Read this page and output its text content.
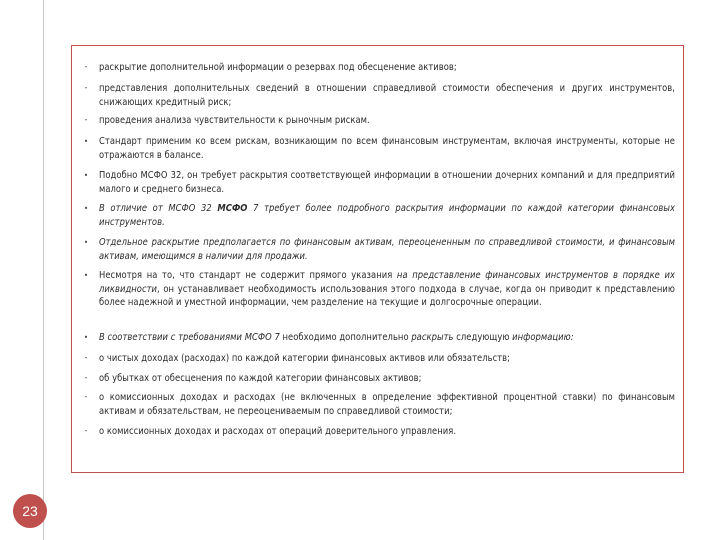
-	раскрытие дополнительной информации о резервах под обесценение активов;
-	представления дополнительных сведений в отношении справедливой стоимости обеспечения и других инструментов, снижающих кредитный риск;
-	проведения анализа чувствительности к рыночным рискам.
•	Стандарт применим ко всем рискам, возникающим по всем финансовым инструментам, включая инструменты, которые не отражаются в балансе.
•	Подобно МСФО 32, он требует раскрытия соответствующей информации в отношении дочерних компаний и для предприятий малого и среднего бизнеса.
•	В отличие от МСФО 32 МСФО 7 требует более подробного раскрытия информации по каждой категории финансовых инструментов.
•	Отдельное раскрытие предполагается по финансовым активам, переоцененным по справедливой стоимости, и финансовым активам, имеющимся в наличии для продажи.
•	Несмотря на то, что стандарт не содержит прямого указания на представление финансовых инструментов в порядке их ликвидности, он устанавливает необходимость использования этого подхода в случае, когда он приводит к представлению более надежной и уместной информации, чем разделение на текущие и долгосрочные операции.
•	В соответствии с требованиями МСФО 7 необходимо дополнительно раскрыть следующую информацию:
-	о чистых доходах (расходах) по каждой категории финансовых активов или обязательств;
-	об убытках от обесценения по каждой категории финансовых активов;
-	о комиссионных доходах и расходах (не включенных в определение эффективной процентной ставки) по финансовым активам и обязательствам, не переоцениваемым по справедливой стоимости;
-	о комиссионных доходах и расходах от операций доверительного управления.
23
